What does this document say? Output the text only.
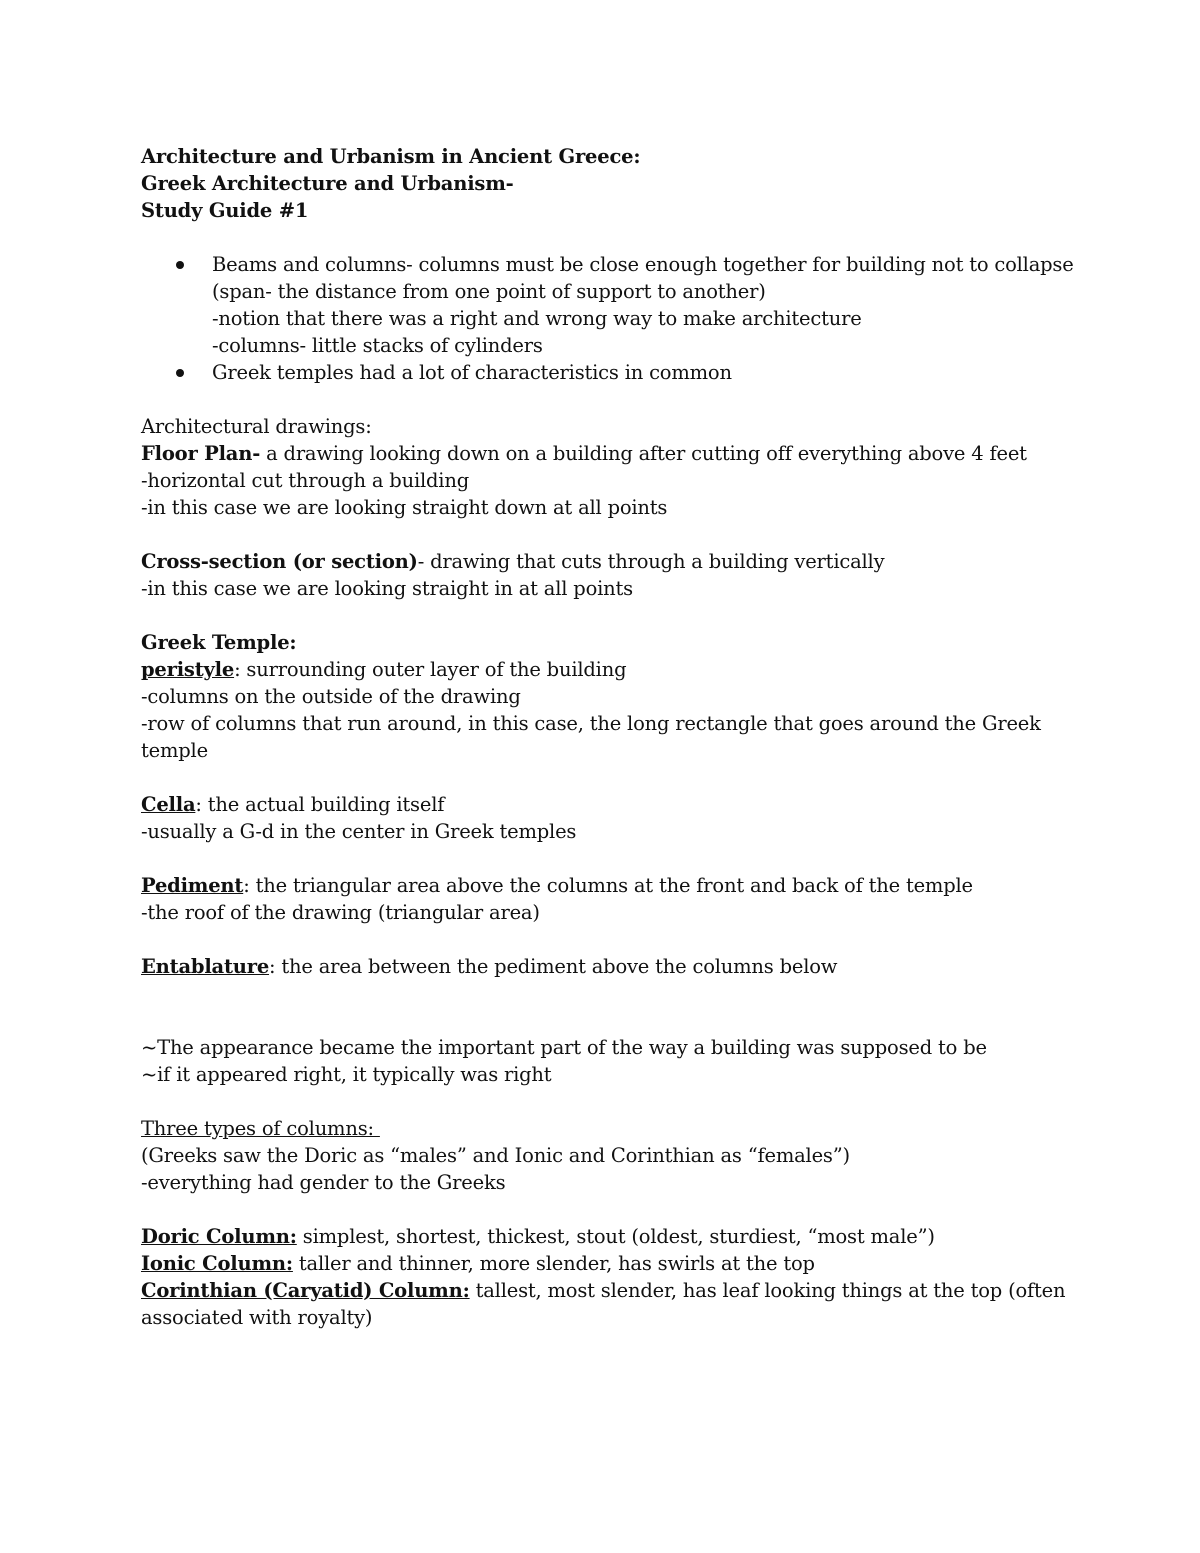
Architecture and Urbanism in Ancient Greece:
Greek Architecture and Urbanism-
Study Guide #1
Beams and columns- columns must be close enough together for building not to collapse
(span- the distance from one point of support to another)
-notion that there was a right and wrong way to make architecture
-columns- little stacks of cylinders
Greek temples had a lot of characteristics in common
Architectural drawings:
Floor Plan- a drawing looking down on a building after cutting off everything above 4 feet
-horizontal cut through a building
-in this case we are looking straight down at all points
Cross-section (or section)- drawing that cuts through a building vertically
-in this case we are looking straight in at all points
Greek Temple:
peristyle: surrounding outer layer of the building
-columns on the outside of the drawing
-row of columns that run around, in this case, the long rectangle that goes around the Greek temple
Cella: the actual building itself
-usually a G-d in the center in Greek temples
Pediment: the triangular area above the columns at the front and back of the temple
-the roof of the drawing (triangular area)
Entablature: the area between the pediment above the columns below
~The appearance became the important part of the way a building was supposed to be
~if it appeared right, it typically was right
Three types of columns:
(Greeks saw the Doric as “males” and Ionic and Corinthian as “females”)
-everything had gender to the Greeks
Doric Column: simplest, shortest, thickest, stout (oldest, sturdiest, “most male”)
Ionic Column: taller and thinner, more slender, has swirls at the top
Corinthian (Caryatid) Column: tallest, most slender, has leaf looking things at the top (often associated with royalty)
